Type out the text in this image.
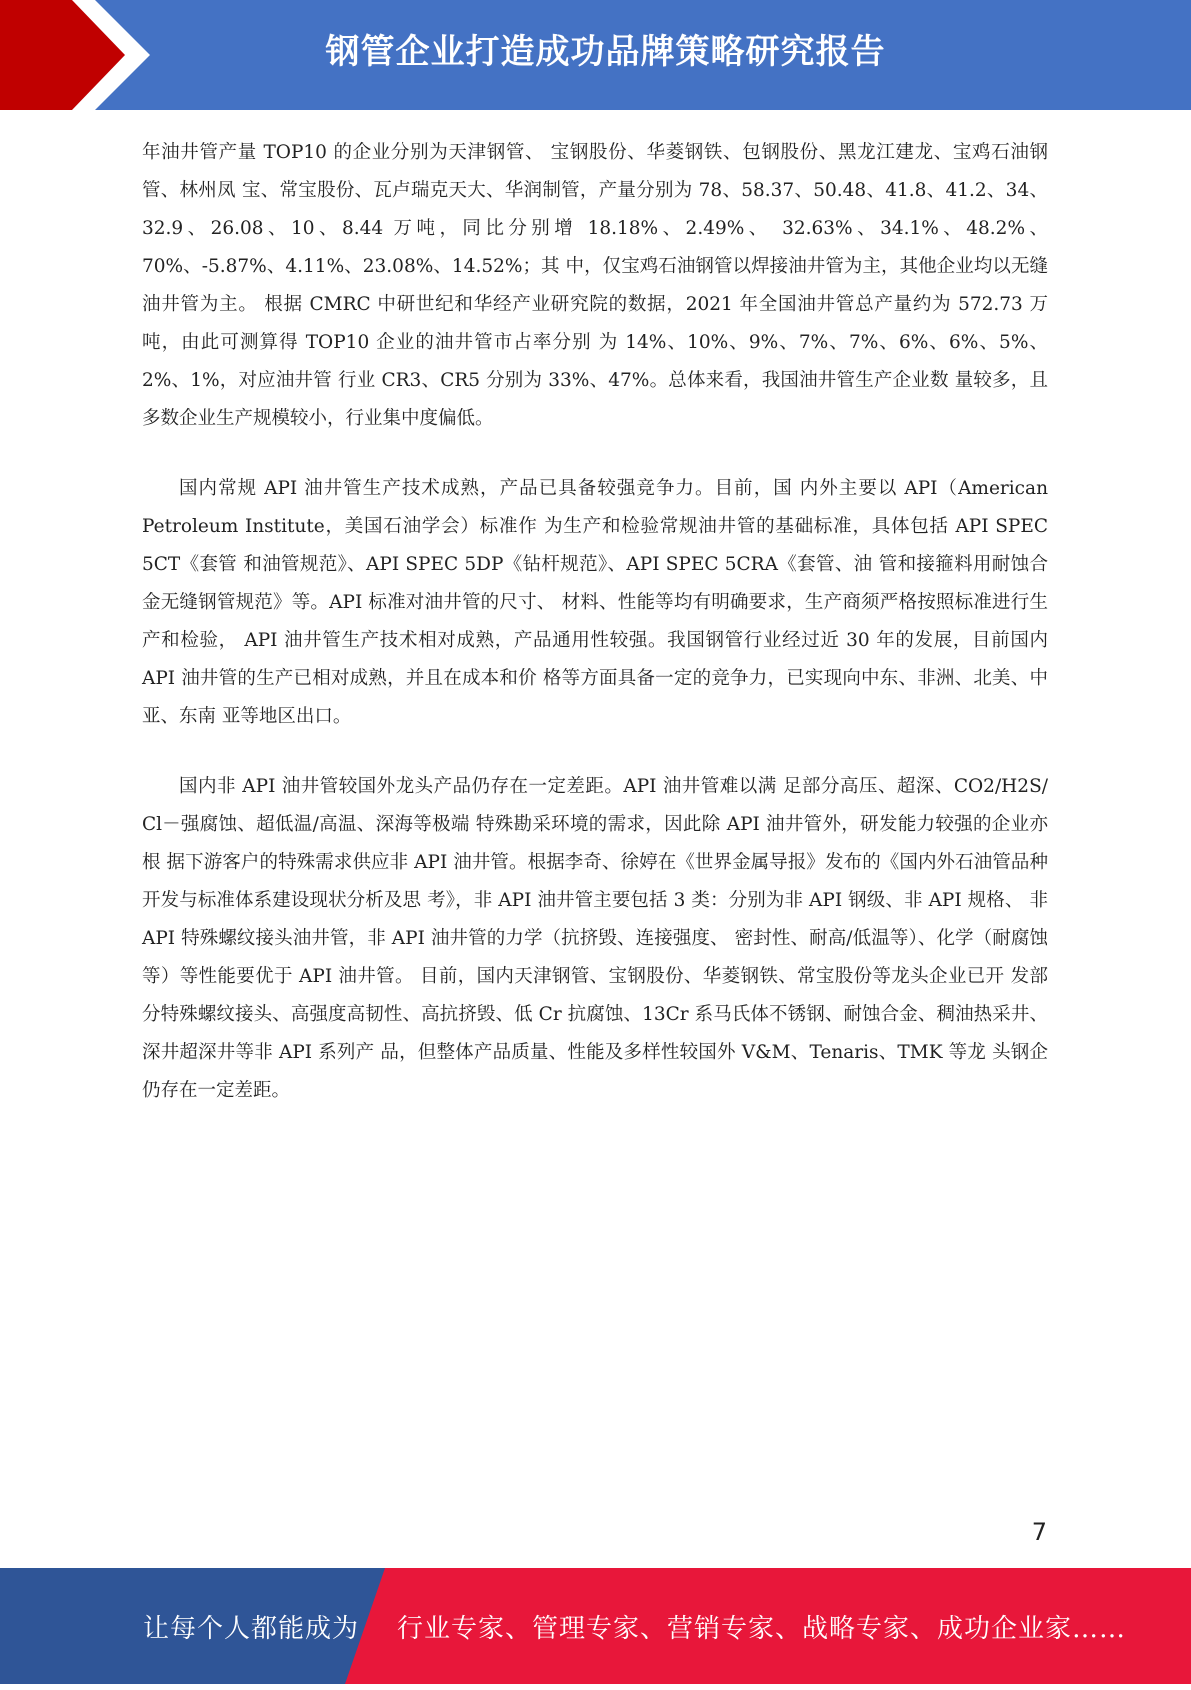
钢管企业打造成功品牌策略研究报告

年油井管产量 TOP10 的企业分别为天津钢管、 宝钢股份、华菱钢铁、包钢股份、黑龙江建龙、宝鸡石油钢管、林州凤 宝、常宝股份、瓦卢瑞克天大、华润制管，产量分别为 78、58.37、50.48、41.8、41.2、34、32.9、26.08、10、8.44 万吨，同比分别增 18.18%、2.49%、 32.63%、34.1%、48.2%、70%、-5.87%、4.11%、23.08%、14.52%；其 中，仅宝鸡石油钢管以焊接油井管为主，其他企业均以无缝油井管为主。 根据 CMRC 中研世纪和华经产业研究院的数据，2021 年全国油井管总产量约为 572.73 万吨，由此可测算得 TOP10 企业的油井管市占率分别 为 14%、10%、9%、7%、7%、6%、6%、5%、2%、1%，对应油井管 行业 CR3、CR5 分别为 33%、47%。总体来看，我国油井管生产企业数 量较多，且多数企业生产规模较小，行业集中度偏低。

国内常规 API 油井管生产技术成熟，产品已具备较强竞争力。目前，国 内外主要以 API（American Petroleum Institute，美国石油学会）标准作 为生产和检验常规油井管的基础标准，具体包括 API SPEC 5CT《套管 和油管规范》、API SPEC 5DP《钻杆规范》、API SPEC 5CRA《套管、油 管和接箍料用耐蚀合金无缝钢管规范》等。API 标准对油井管的尺寸、 材料、性能等均有明确要求，生产商须严格按照标准进行生产和检验， API 油井管生产技术相对成熟，产品通用性较强。我国钢管行业经过近 30 年的发展，目前国内 API 油井管的生产已相对成熟，并且在成本和价 格等方面具备一定的竞争力，已实现向中东、非洲、北美、中亚、东南 亚等地区出口。

国内非 API 油井管较国外龙头产品仍存在一定差距。API 油井管难以满 足部分高压、超深、CO2/H2S/ Cl－强腐蚀、超低温/高温、深海等极端 特殊勘采环境的需求，因此除 API 油井管外，研发能力较强的企业亦根 据下游客户的特殊需求供应非 API 油井管。根据李奇、徐婷在《世界金属导报》发布的《国内外石油管品种开发与标准体系建设现状分析及思 考》，非 API 油井管主要包括 3 类：分别为非 API 钢级、非 API 规格、 非 API 特殊螺纹接头油井管，非 API 油井管的力学（抗挤毁、连接强度、 密封性、耐高/低温等）、化学（耐腐蚀等）等性能要优于 API 油井管。 目前，国内天津钢管、宝钢股份、华菱钢铁、常宝股份等龙头企业已开 发部分特殊螺纹接头、高强度高韧性、高抗挤毁、低 Cr 抗腐蚀、13Cr 系马氏体不锈钢、耐蚀合金、稠油热采井、深井超深井等非 API 系列产 品，但整体产品质量、性能及多样性较国外 V&M、Tenaris、TMK 等龙 头钢企仍存在一定差距。

7
让每个人都能成为 行业专家、管理专家、营销专家、战略专家、成功企业家……
